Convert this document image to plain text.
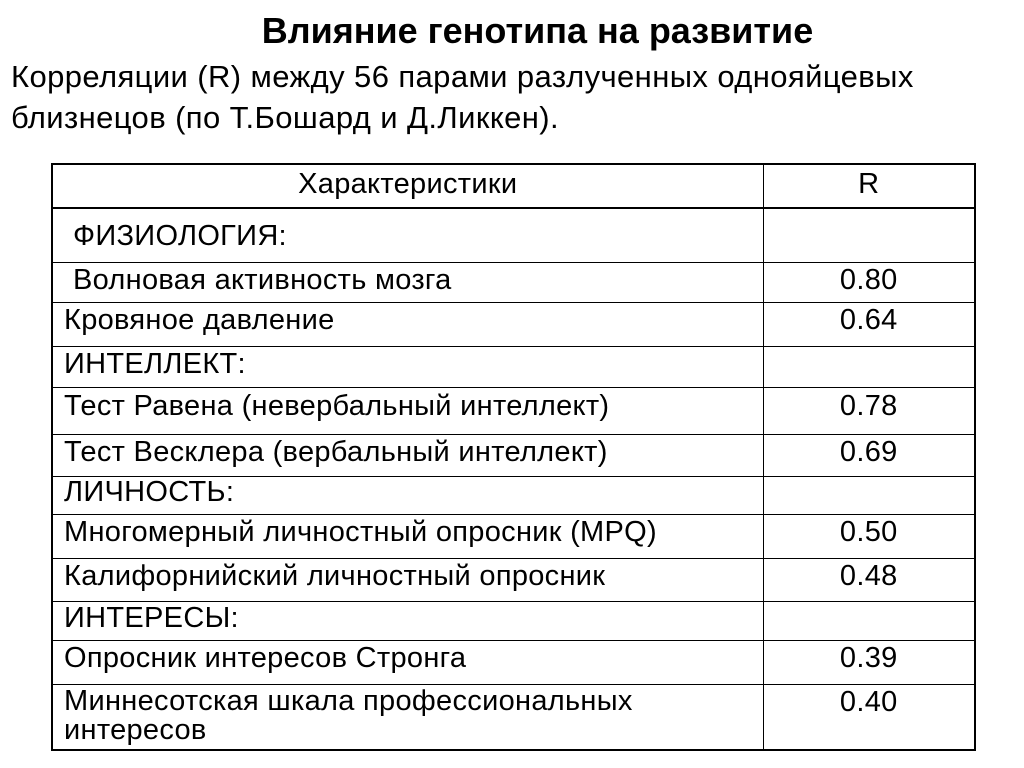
Влияние генотипа на развитие
Корреляции (R) между 56 парами разлученных однояйцевых
близнецов (по Т.Бошард и Д.Ликкен).
Характеристики	R
ФИЗИОЛОГИЯ:	
Волновая активность мозга	0.80
Кровяное давление	0.64
ИНТЕЛЛЕКТ:	
Тест Равена (невербальный интеллект)	0.78
Тест Весклера (вербальный интеллект)	0.69
ЛИЧНОСТЬ:	
Многомерный личностный опросник (MPQ)	0.50
Калифорнийский личностный опросник	0.48
ИНТЕРЕСЫ:	
Опросник интересов Стронга	0.39
Миннесотская шкала профессиональных интересов	0.40
